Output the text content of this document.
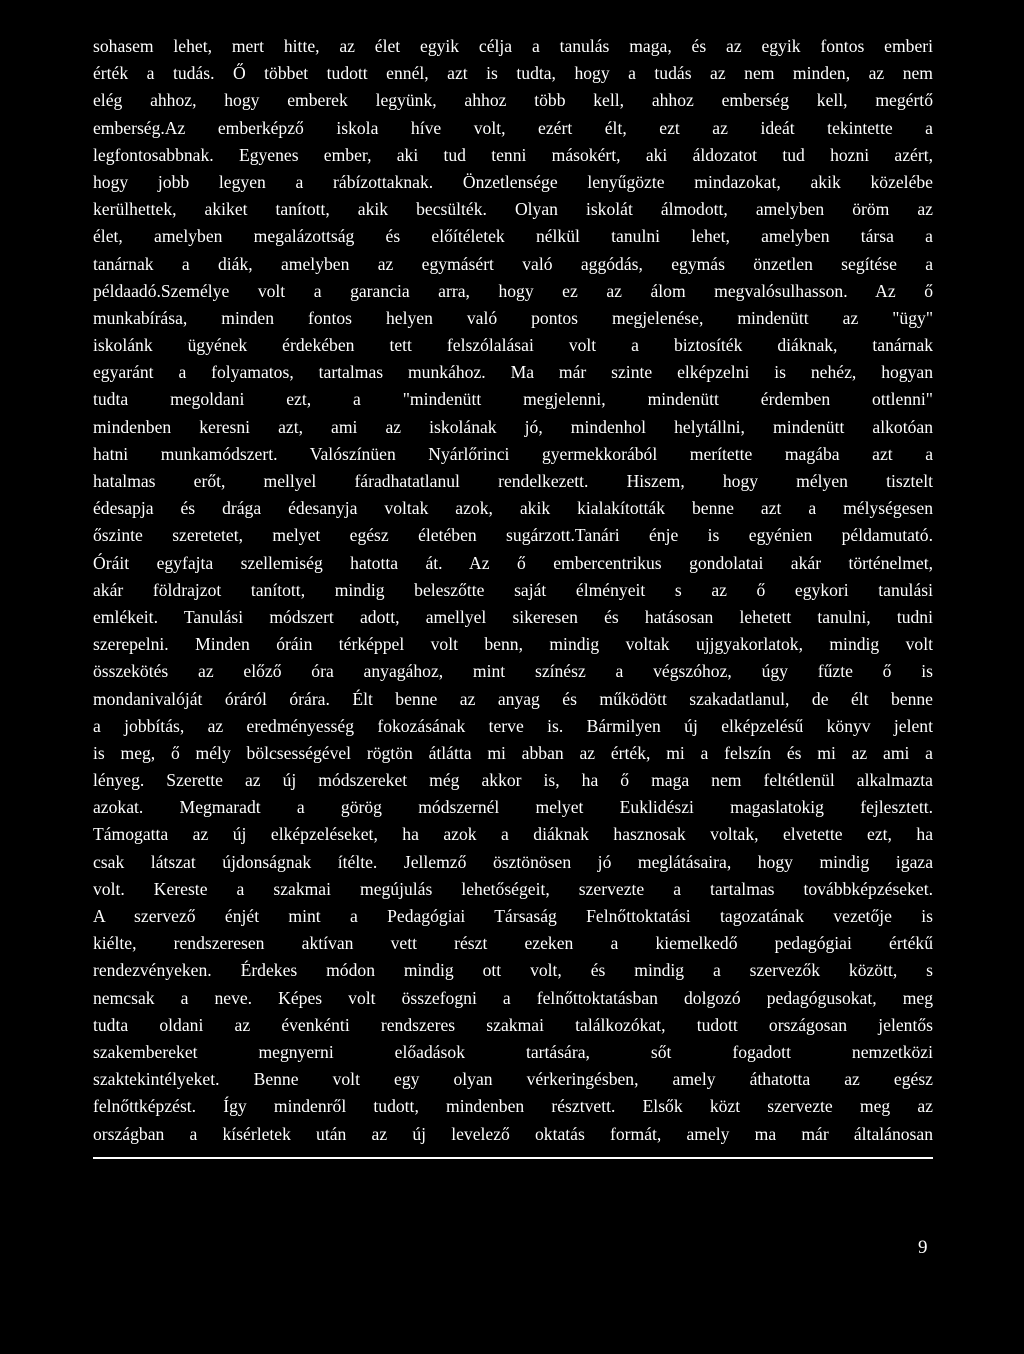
sohasem lehet, mert hitte, az élet egyik célja a tanulás maga, és az egyik fontos emberi
érték a tudás. Ő többet tudott ennél, azt is tudta, hogy a tudás az nem minden, az nem
elég ahhoz, hogy emberek legyünk, ahhoz több kell, ahhoz emberség kell, megértő
emberség.Az emberképző iskola híve volt, ezért élt, ezt az ideát tekintette a
legfontosabbnak. Egyenes ember, aki tud tenni másokért, aki áldozatot tud hozni azért,
hogy jobb legyen a rábízottaknak. Önzetlensége lenyűgözte mindazokat, akik közelébe
kerülhettek, akiket tanított, akik becsülték. Olyan iskolát álmodott, amelyben öröm az
élet, amelyben megalázottság és előítéletek nélkül tanulni lehet, amelyben társa a
tanárnak a diák, amelyben az egymásért való aggódás, egymás önzetlen segítése a
példaadó.Személye volt a garancia arra, hogy ez az álom megvalósulhasson. Az ő
munkabírása, minden fontos helyen való pontos megjelenése, mindenütt az "ügy"
iskolánk ügyének érdekében tett felszólalásai volt a biztosíték diáknak, tanárnak
egyaránt a folyamatos, tartalmas munkához. Ma már szinte elképzelni is nehéz, hogyan
tudta megoldani ezt, a "mindenütt megjelenni, mindenütt érdemben ottlenni"
mindenben keresni azt, ami az iskolának jó, mindenhol helytállni, mindenütt alkotóan
hatni munkamódszert. Valószínüen Nyárlőrinci gyermekkorából merítette magába azt a
hatalmas erőt, mellyel fáradhatatlanul rendelkezett. Hiszem, hogy mélyen tisztelt
édesapja és drága édesanyja voltak azok, akik kialakították benne azt a mélységesen
őszinte szeretetet, melyet egész életében sugárzott.Tanári énje is egyénien példamutató.
Óráit egyfajta szellemiség hatotta át. Az ő embercentrikus gondolatai akár történelmet,
akár földrajzot tanított, mindig beleszőtte saját élményeit s az ő egykori tanulási
emlékeit. Tanulási módszert adott, amellyel sikeresen és hatásosan lehetett tanulni, tudni
szerepelni. Minden óráin térképpel volt benn, mindig voltak ujjgyakorlatok, mindig volt
összekötés az előző óra anyagához, mint színész a végszóhoz, úgy fűzte ő is
mondanivalóját óráról órára. Élt benne az anyag és működött szakadatlanul, de élt benne
a jobbítás, az eredményesség fokozásának terve is. Bármilyen új elképzelésű könyv jelent
is meg, ő mély bölcsességével rögtön átlátta mi abban az érték, mi a felszín és mi az ami a
lényeg. Szerette az új módszereket még akkor is, ha ő maga nem feltétlenül alkalmazta
azokat. Megmaradt a görög módszernél melyet Euklidészi magaslatokig fejlesztett.
Támogatta az új elképzeléseket, ha azok a diáknak hasznosak voltak, elvetette ezt, ha
csak látszat újdonságnak ítélte. Jellemző ösztönösen jó meglátásaira, hogy mindig igaza
volt. Kereste a szakmai megújulás lehetőségeit, szervezte a tartalmas továbbképzéseket.
A szervező énjét mint a Pedagógiai Társaság Felnőttoktatási tagozatának vezetője is
kiélte, rendszeresen aktívan vett részt ezeken a kiemelkedő pedagógiai értékű
rendezvényeken. Érdekes módon mindig ott volt, és mindig a szervezők között, s
nemcsak a neve. Képes volt összefogni a felnőttoktatásban dolgozó pedagógusokat, meg
tudta oldani az évenkénti rendszeres szakmai találkozókat, tudott országosan jelentős
szakembereket megnyerni előadások tartására, sőt fogadott nemzetközi
szaktekintélyeket. Benne volt egy olyan vérkeringésben, amely áthatotta az egész
felnőttképzést. Így mindenről tudott, mindenben résztvett. Elsők közt szervezte meg az
országban a kísérletek után az új levelező oktatás formát, amely ma már általánosan
9
